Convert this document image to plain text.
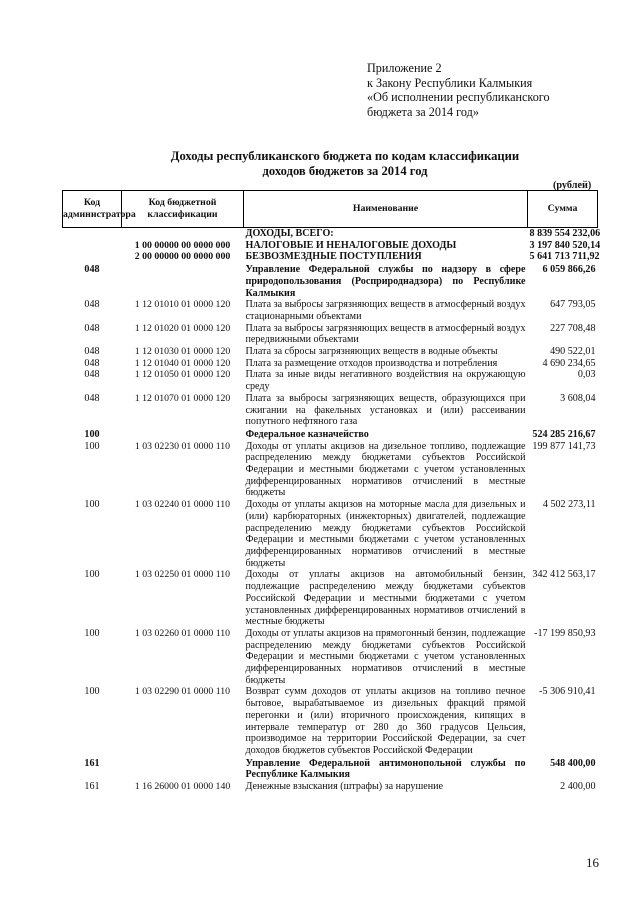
Приложение 2
к Закону Республики Калмыкия
«Об исполнении республиканского
бюджета за 2014 год»
Доходы республиканского бюджета по кодам классификации
доходов бюджетов за 2014 год
(рублей)
Код администратора	Код бюджетной классификации	Наименование	Сумма
		ДОХОДЫ, ВСЕГО:	8 839 554 232,06
	1 00 00000 00 0000 000	НАЛОГОВЫЕ И НЕНАЛОГОВЫЕ ДОХОДЫ	3 197 840 520,14
	2 00 00000 00 0000 000	БЕЗВОЗМЕЗДНЫЕ ПОСТУПЛЕНИЯ	5 641 713 711,92
048		Управление Федеральной службы по надзору в сфере природопользования (Росприроднадзора) по Республике Калмыкия	6 059 866,26
048	1 12 01010 01 0000 120	Плата за выбросы загрязняющих веществ в атмосферный воздух стационарными объектами	647 793,05
048	1 12 01020 01 0000 120	Плата за выбросы загрязняющих веществ в атмосферный воздух передвижными объектами	227 708,48
048	1 12 01030 01 0000 120	Плата за сбросы загрязняющих веществ в водные объекты	490 522,01
048	1 12 01040 01 0000 120	Плата за размещение отходов производства и потребления	4 690 234,65
048	1 12 01050 01 0000 120	Плата за иные виды негативного воздействия на окружающую среду	0,03
048	1 12 01070 01 0000 120	Плата за выбросы загрязняющих веществ, образующихся при сжигании на факельных установках и (или) рассеивании попутного нефтяного газа	3 608,04
100		Федеральное казначейство	524 285 216,67
100	1 03 02230 01 0000 110	Доходы от уплаты акцизов на дизельное топливо, подлежащие распределению между бюджетами субъектов Российской Федерации и местными бюджетами с учетом установленных дифференцированных нормативов отчислений в местные бюджеты	199 877 141,73
100	1 03 02240 01 0000 110	Доходы от уплаты акцизов на моторные масла для дизельных и (или) карбюраторных (инжекторных) двигателей, подлежащие распределению между бюджетами субъектов Российской Федерации и местными бюджетами с учетом установленных дифференцированных нормативов отчислений в местные бюджеты	4 502 273,11
100	1 03 02250 01 0000 110	Доходы от уплаты акцизов на автомобильный бензин, подлежащие распределению между бюджетами субъектов Российской Федерации и местными бюджетами с учетом установленных дифференцированных нормативов отчислений в местные бюджеты	342 412 563,17
100	1 03 02260 01 0000 110	Доходы от уплаты акцизов на прямогонный бензин, подлежащие распределению между бюджетами субъектов Российской Федерации и местными бюджетами с учетом установленных дифференцированных нормативов отчислений в местные бюджеты	-17 199 850,93
100	1 03 02290 01 0000 110	Возврат сумм доходов от уплаты акцизов на топливо печное бытовое, вырабатываемое из дизельных фракций прямой перегонки и (или) вторичного происхождения, кипящих в интервале температур от 280 до 360 градусов Цельсия, производимое на территории Российской Федерации, за счет доходов бюджетов субъектов Российской Федерации	-5 306 910,41
161		Управление Федеральной антимонопольной службы по Республике Калмыкия	548 400,00
161	1 16 26000 01 0000 140	Денежные взыскания (штрафы) за нарушение	2 400,00
16
